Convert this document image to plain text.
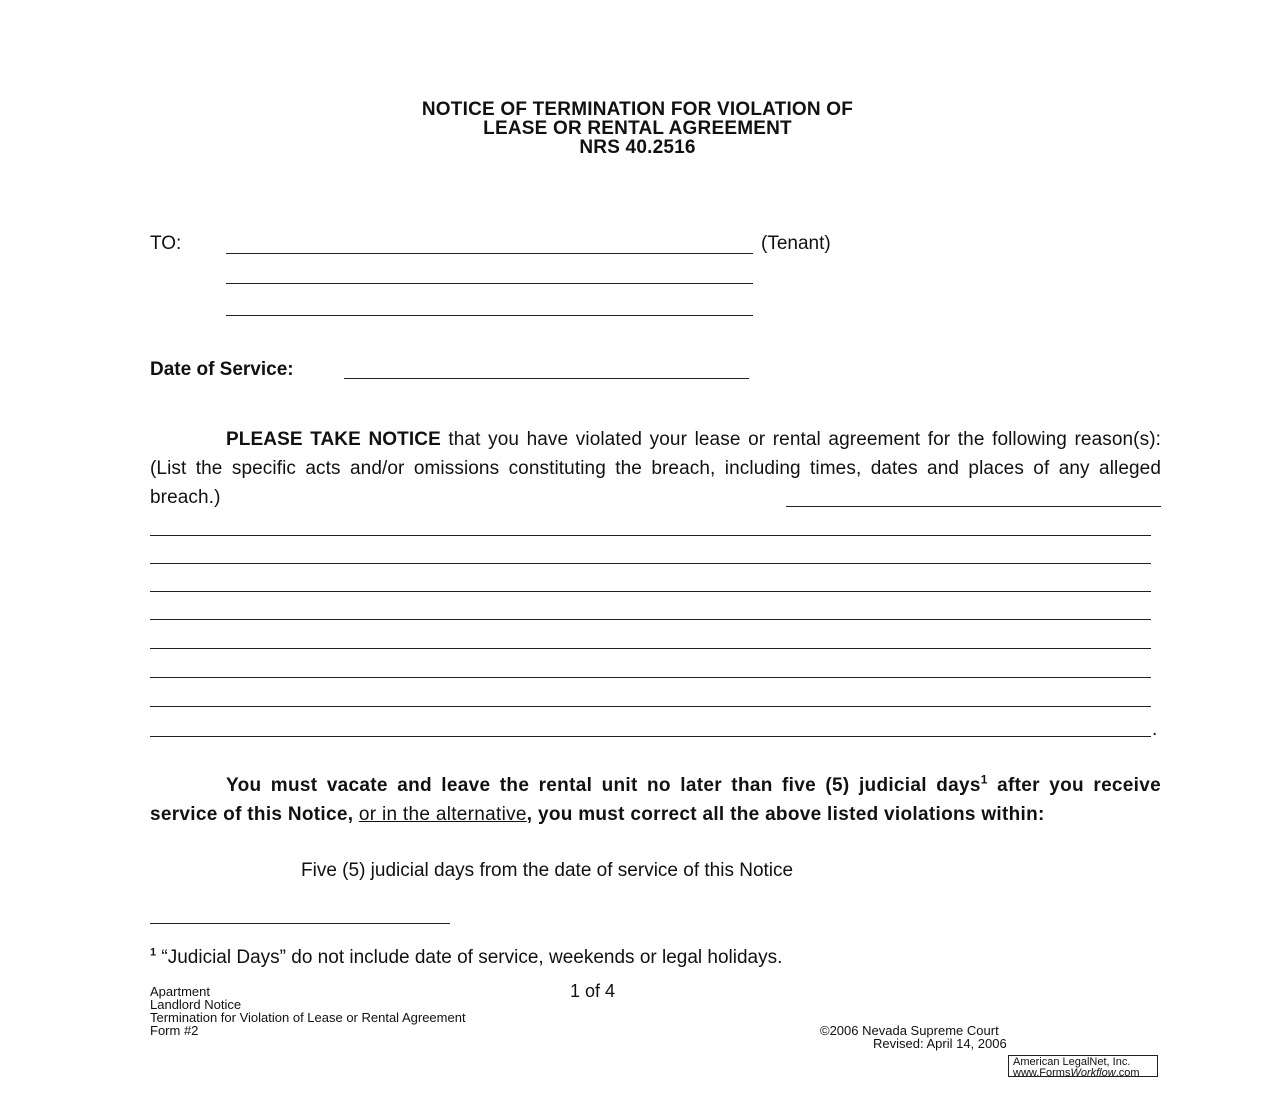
NOTICE OF TERMINATION FOR VIOLATION OF
LEASE OR RENTAL AGREEMENT
NRS 40.2516
TO:	(Tenant)
Date of Service:
PLEASE TAKE NOTICE that you have violated your lease or rental agreement for the following reason(s): (List the specific acts and/or omissions constituting the breach, including times, dates and places of any alleged breach.)
.
You must vacate and leave the rental unit no later than five (5) judicial days$^1$ after you receive service of this Notice, or in the alternative, you must correct all the above listed violations within:
Five (5) judicial days from the date of service of this Notice
$^1$ “Judicial Days” do not include date of service, weekends or legal holidays.
Apartment
Landlord Notice
Termination for Violation of Lease or Rental Agreement
Form #2
1 of 4
©2006 Nevada Supreme Court
Revised: April 14, 2006
American LegalNet, Inc.
www.FormsWorkflow.com
